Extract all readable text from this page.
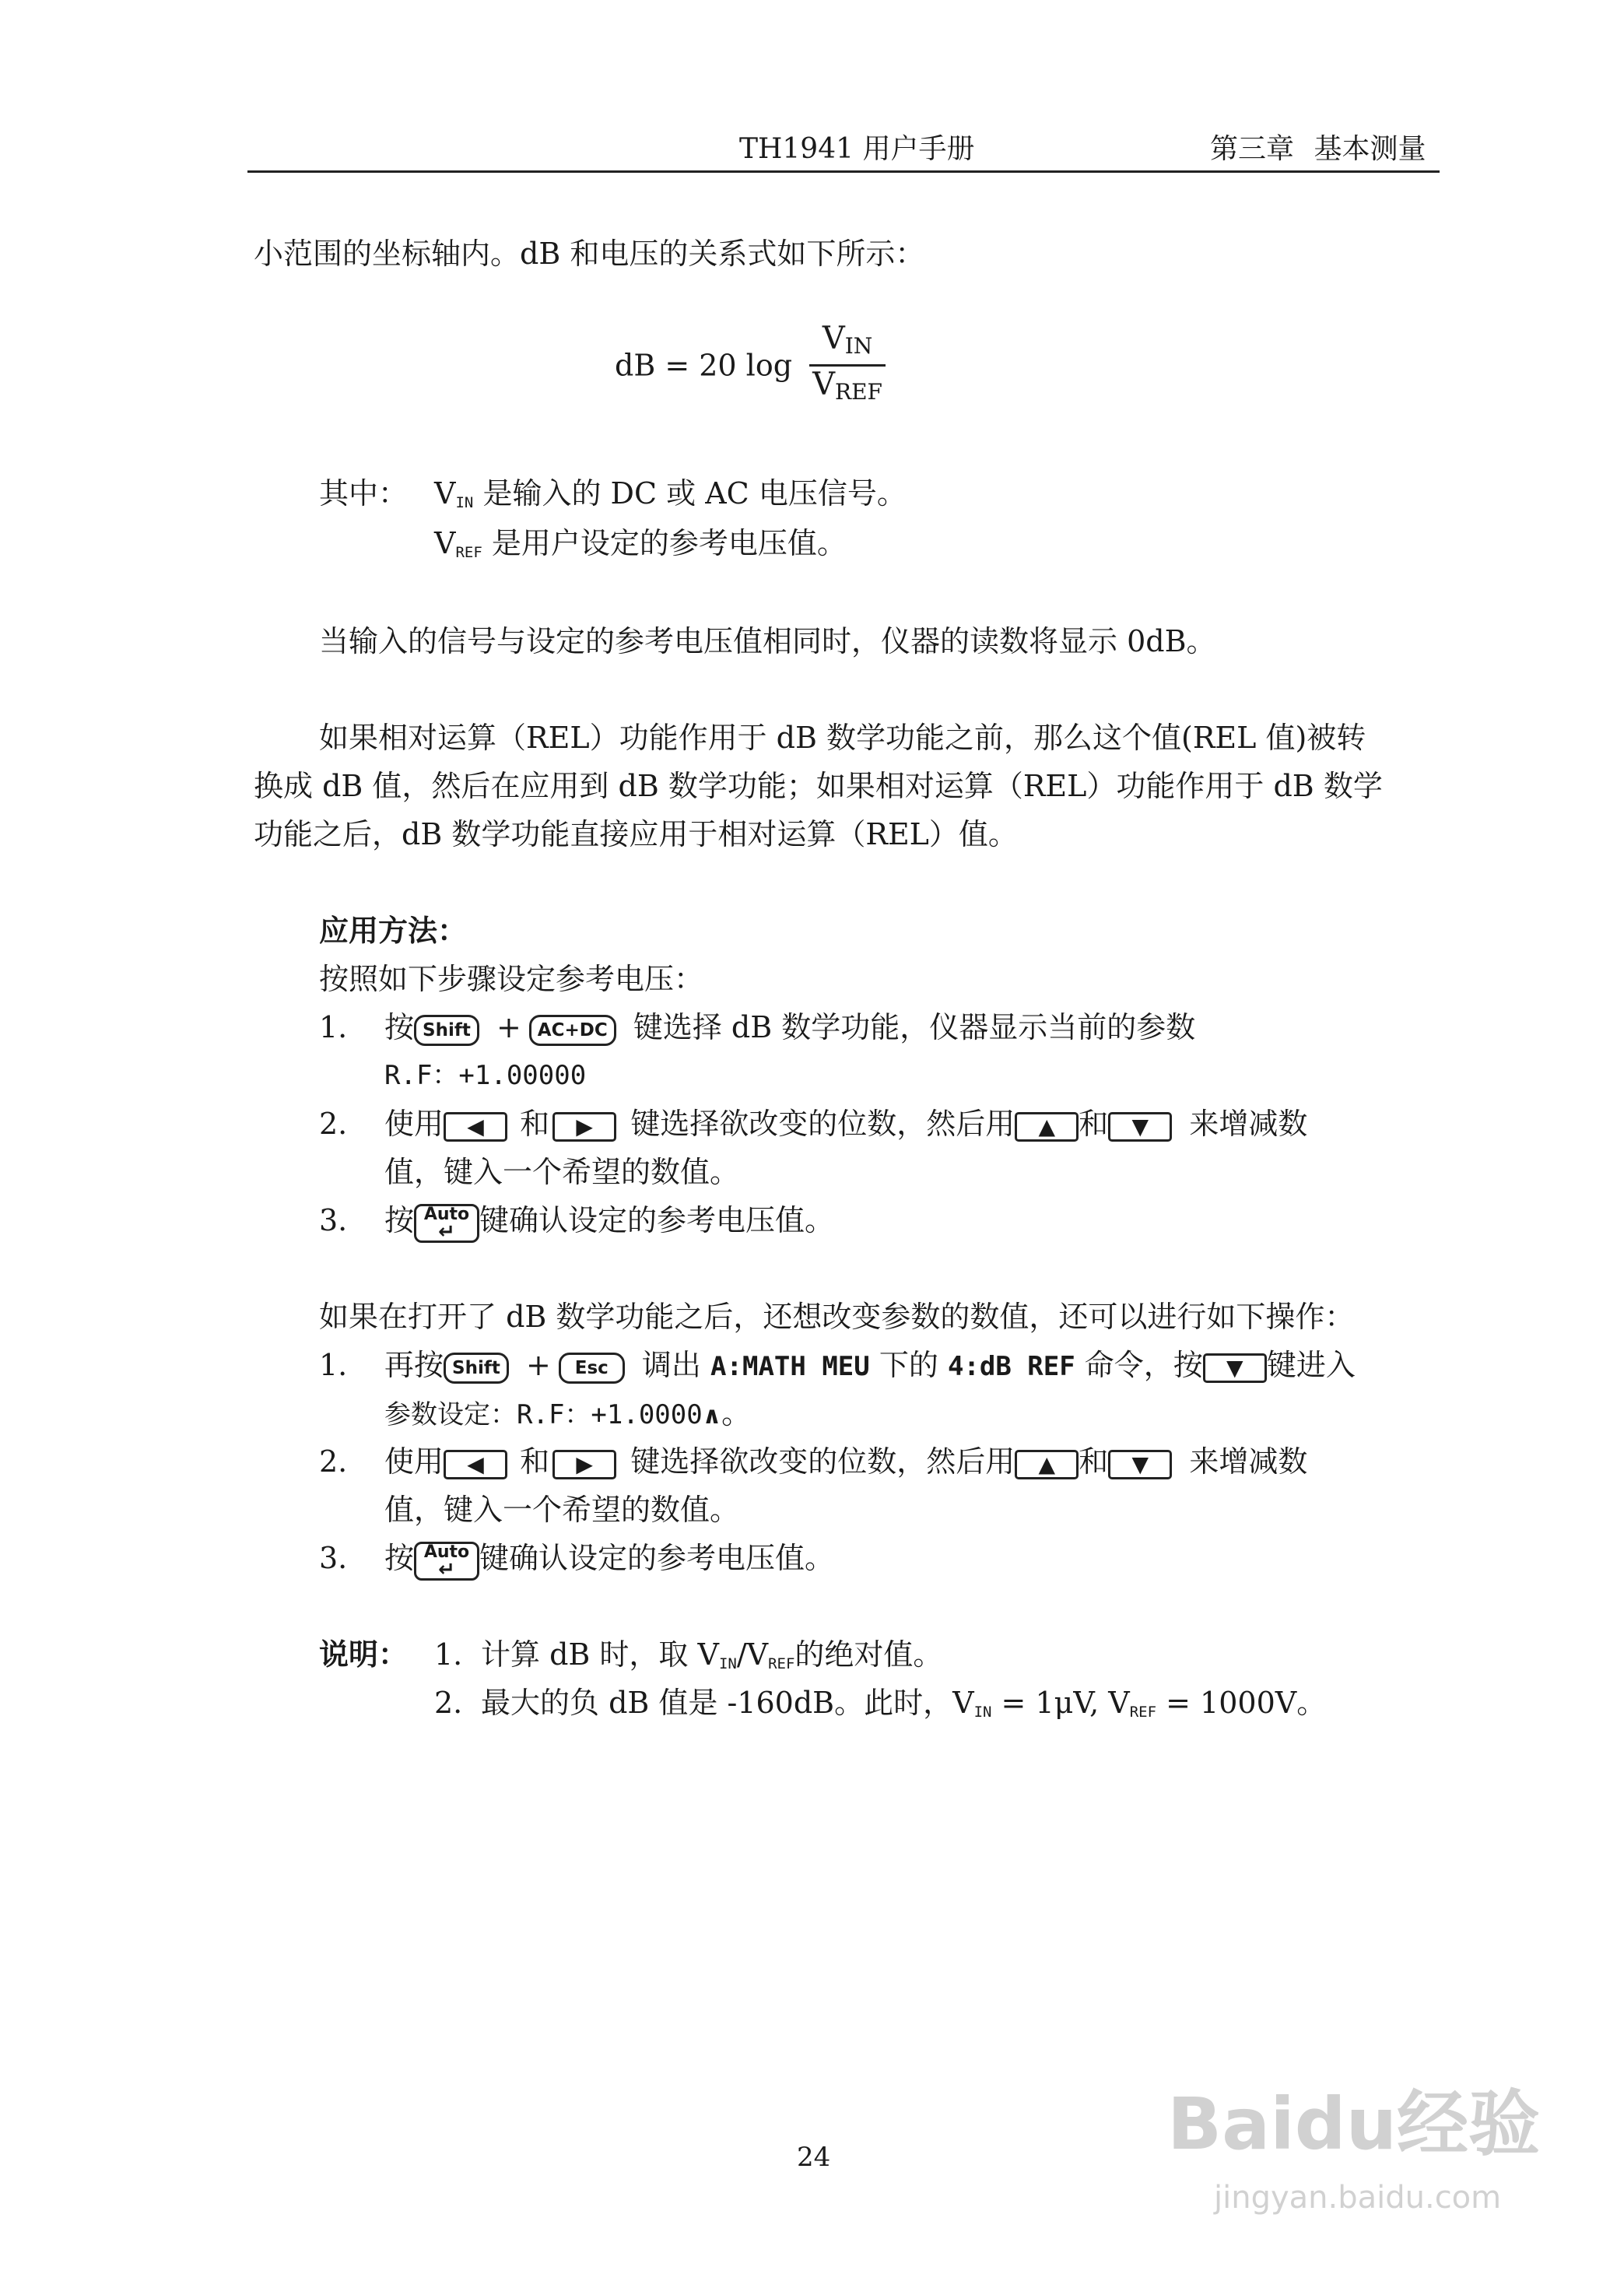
TH1941 用户手册	第三章 基本测量
小范围的坐标轴内。dB 和电压的关系式如下所示：
dB = 20 $\log \frac{V_{IN}}{V_{REF}}$
其中： $V_{IN}$ 是输入的 DC 或 AC 电压信号。
$V_{REF}$ 是用户设定的参考电压值。
当输入的信号与设定的参考电压值相同时，仪器的读数将显示 0dB。
如果相对运算（REL）功能作用于 dB 数学功能之前，那么这个值(REL 值)被转
换成 dB 值，然后在应用到 dB 数学功能；如果相对运算（REL）功能作用于 dB 数学
功能之后，dB 数学功能直接应用于相对运算（REL）值。
应用方法：
按照如下步骤设定参考电压：
1. 按 Shift + AC+DC 键选择 dB 数学功能，仪器显示当前的参数
R.F：+1.00000
2. 使用 ◀ 和 ▶ 键选择欲改变的位数，然后用 ▲ 和 ▼ 来增减数
值，键入一个希望的数值。
3. 按 Auto
↵ 键确认设定的参考电压值。
如果在打开了 dB 数学功能之后，还想改变参数的数值，还可以进行如下操作：
1. 再按 Shift + Esc 调出 A:MATH MEU 下的 4:dB REF 命令，按 ▼ 键进入
参数设定：R.F：+1.0000∧。
2. 使用 ◀ 和 ▶ 键选择欲改变的位数，然后用 ▲ 和 ▼ 来增减数
值，键入一个希望的数值。
3. 按 Auto
↵ 键确认设定的参考电压值。
说明： 1. 计算 dB 时，取 $V_{IN}/V_{REF}$的绝对值。
2. 最大的负 dB 值是 -160dB。此时，$V_{IN} = 1\mu V$, $V_{REF} = 1000V$。
24	Baidu经验
jingyan.baidu.com
